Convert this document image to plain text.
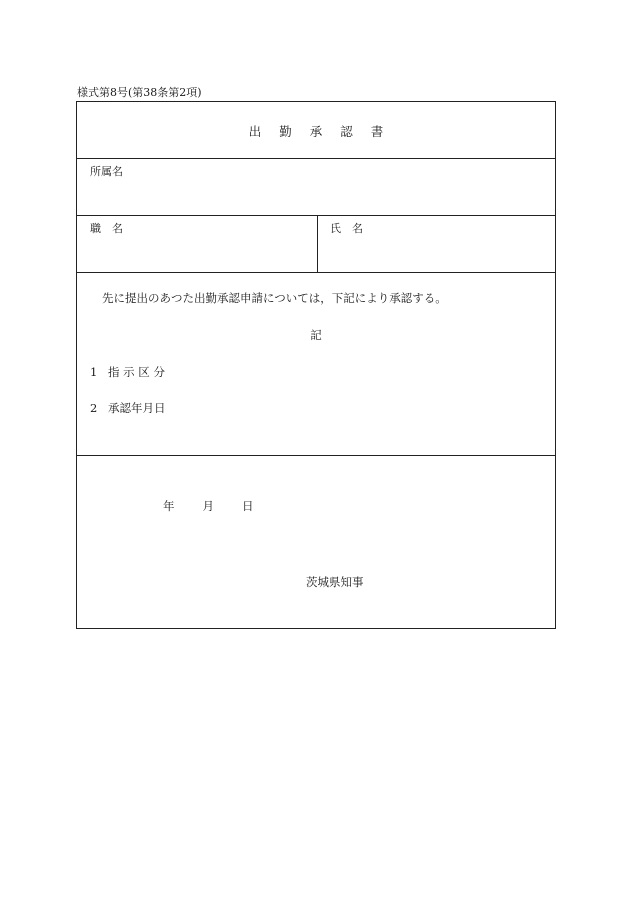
様式第8号(第38条第2項)
出 勤 承 認 書
所属名
職　名	氏　名
先に提出のあつた出勤承認申請については，下記により承認する。
記
1 指 示 区 分
2 承認年月日
年 月 日
茨城県知事
